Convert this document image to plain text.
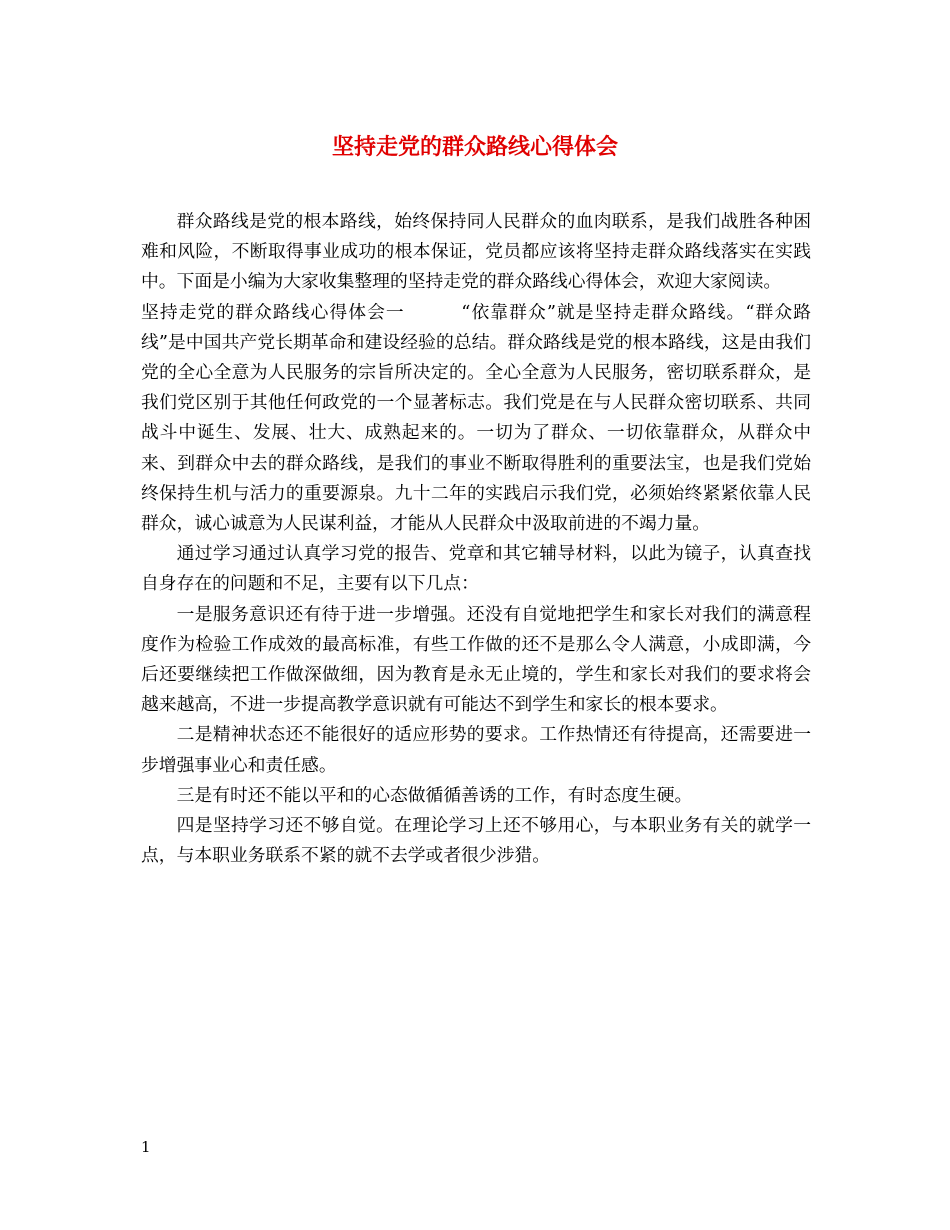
坚持走党的群众路线心得体会

群众路线是党的根本路线，始终保持同人民群众的血肉联系，是我们战胜各种困难和风险，不断取得事业成功的根本保证，党员都应该将坚持走群众路线落实在实践中。下面是小编为大家收集整理的坚持走党的群众路线心得体会，欢迎大家阅读。

坚持走党的群众路线心得体会一　　　“依靠群众”就是坚持走群众路线。“群众路线”是中国共产党长期革命和建设经验的总结。群众路线是党的根本路线，这是由我们党的全心全意为人民服务的宗旨所决定的。全心全意为人民服务，密切联系群众，是我们党区别于其他任何政党的一个显著标志。我们党是在与人民群众密切联系、共同战斗中诞生、发展、壮大、成熟起来的。一切为了群众、一切依靠群众，从群众中来、到群众中去的群众路线，是我们的事业不断取得胜利的重要法宝，也是我们党始终保持生机与活力的重要源泉。九十二年的实践启示我们党，必须始终紧紧依靠人民群众，诚心诚意为人民谋利益，才能从人民群众中汲取前进的不竭力量。

通过学习通过认真学习党的报告、党章和其它辅导材料，以此为镜子，认真查找自身存在的问题和不足，主要有以下几点：

一是服务意识还有待于进一步增强。还没有自觉地把学生和家长对我们的满意程度作为检验工作成效的最高标准，有些工作做的还不是那么令人满意，小成即满，今后还要继续把工作做深做细，因为教育是永无止境的，学生和家长对我们的要求将会越来越高，不进一步提高教学意识就有可能达不到学生和家长的根本要求。

二是精神状态还不能很好的适应形势的要求。工作热情还有待提高，还需要进一步增强事业心和责任感。

三是有时还不能以平和的心态做循循善诱的工作，有时态度生硬。

四是坚持学习还不够自觉。在理论学习上还不够用心，与本职业务有关的就学一点，与本职业务联系不紧的就不去学或者很少涉猎。

1
